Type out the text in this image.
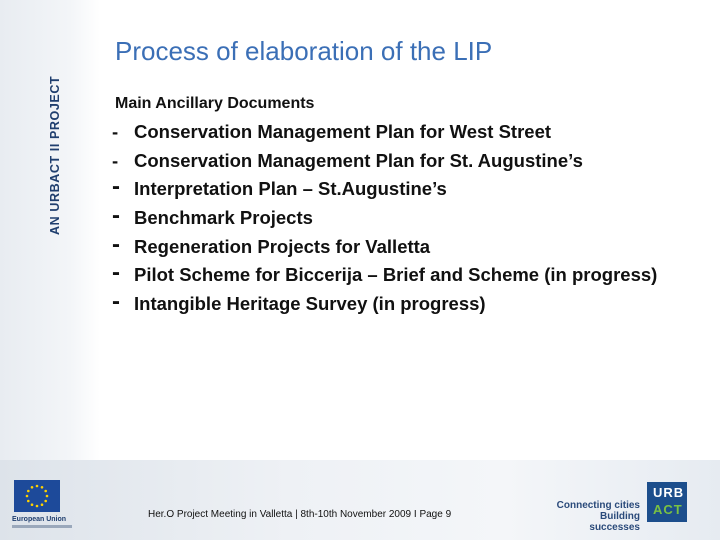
AN URBACT II PROJECT
Process of elaboration of the LIP
Main Ancillary Documents
- Conservation Management Plan for West Street
- Conservation Management Plan for St. Augustine’s
- Interpretation Plan – St.Augustine’s
- Benchmark Projects
- Regeneration Projects for Valletta
- Pilot Scheme for Biccerija – Brief and Scheme (in progress)
- Intangible Heritage Survey (in progress)
European Union	Her.O Project Meeting in Valletta | 8th-10th November 2009 I Page 9
Connecting cities
Building successes
URB
ACT
